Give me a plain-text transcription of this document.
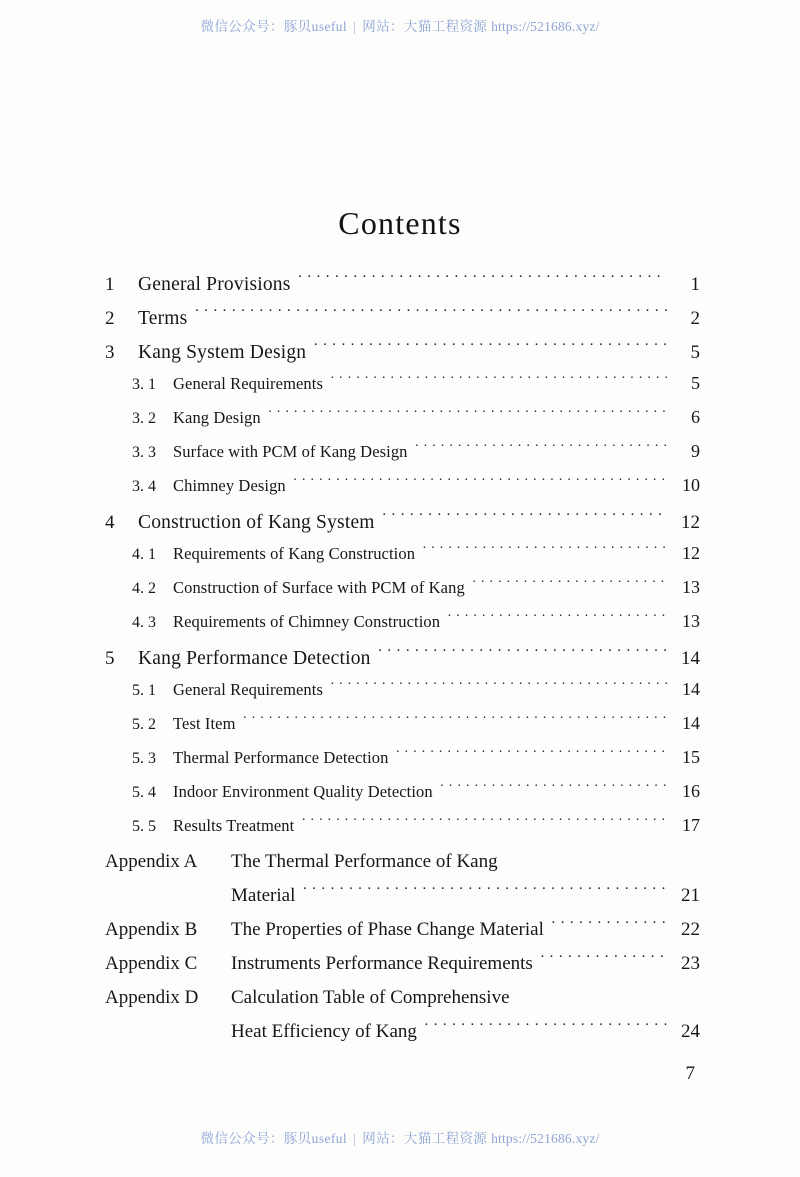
微信公众号：豚贝useful | 网站：大猫工程资源 https://521686.xyz/
Contents
1	General Provisions ·····	1
2	Terms ·····	2
3	Kang System Design ·····	5
3. 1	General Requirements ·····	5
3. 2	Kang Design ·····	6
3. 3	Surface with PCM of Kang Design ·····	9
3. 4	Chimney Design ·····	10
4	Construction of Kang System ·····	12
4. 1	Requirements of Kang Construction ·····	12
4. 2	Construction of Surface with PCM of Kang ·····	13
4. 3	Requirements of Chimney Construction ·····	13
5	Kang Performance Detection ·····	14
5. 1	General Requirements ·····	14
5. 2	Test Item ·····	14
5. 3	Thermal Performance Detection ·····	15
5. 4	Indoor Environment Quality Detection ·····	16
5. 5	Results Treatment ·····	17
Appendix A	The Thermal Performance of Kang
Material ·····	21
Appendix B	The Properties of Phase Change Material ·····	22
Appendix C	Instruments Performance Requirements ·····	23
Appendix D	Calculation Table of Comprehensive
Heat Efficiency of Kang ·····	24
7
微信公众号：豚贝useful | 网站：大猫工程资源 https://521686.xyz/
